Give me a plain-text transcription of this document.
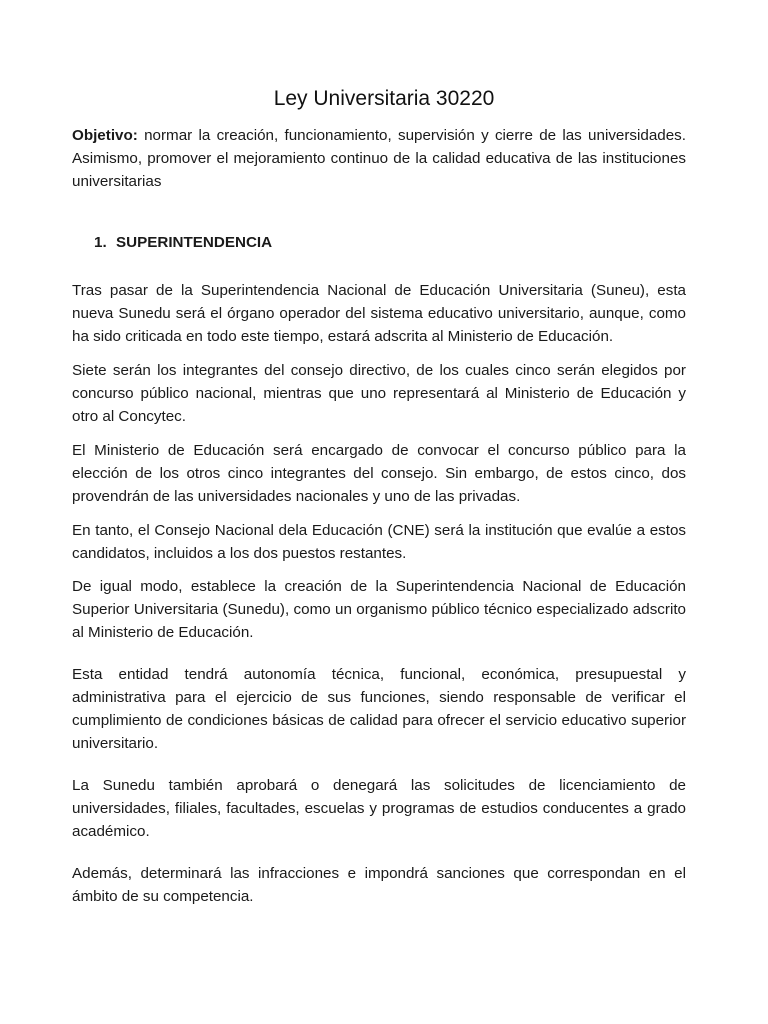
Ley Universitaria 30220

Objetivo: normar la creación, funcionamiento, supervisión y cierre de las universidades. Asimismo, promover el mejoramiento continuo de la calidad educativa de las instituciones universitarias

1. SUPERINTENDENCIA

Tras pasar de la Superintendencia Nacional de Educación Universitaria (Suneu), esta nueva Sunedu será el órgano operador del sistema educativo universitario, aunque, como ha sido criticada en todo este tiempo, estará adscrita al Ministerio de Educación.

Siete serán los integrantes del consejo directivo, de los cuales cinco serán elegidos por concurso público nacional, mientras que uno representará al Ministerio de Educación y otro al Concytec.

El Ministerio de Educación será encargado de convocar el concurso público para la elección de los otros cinco integrantes del consejo. Sin embargo, de estos cinco, dos provendrán de las universidades nacionales y uno de las privadas.

En tanto, el Consejo Nacional dela Educación (CNE) será la institución que evalúe a estos candidatos, incluidos a los dos puestos restantes.

De igual modo, establece la creación de la Superintendencia Nacional de Educación Superior Universitaria (Sunedu), como un organismo público técnico especializado adscrito al Ministerio de Educación.

Esta entidad tendrá autonomía técnica, funcional, económica, presupuestal y administrativa para el ejercicio de sus funciones, siendo responsable de verificar el cumplimiento de condiciones básicas de calidad para ofrecer el servicio educativo superior universitario.

La Sunedu también aprobará o denegará las solicitudes de licenciamiento de universidades, filiales, facultades, escuelas y programas de estudios conducentes a grado académico.

Además, determinará las infracciones e impondrá sanciones que correspondan en el ámbito de su competencia.
